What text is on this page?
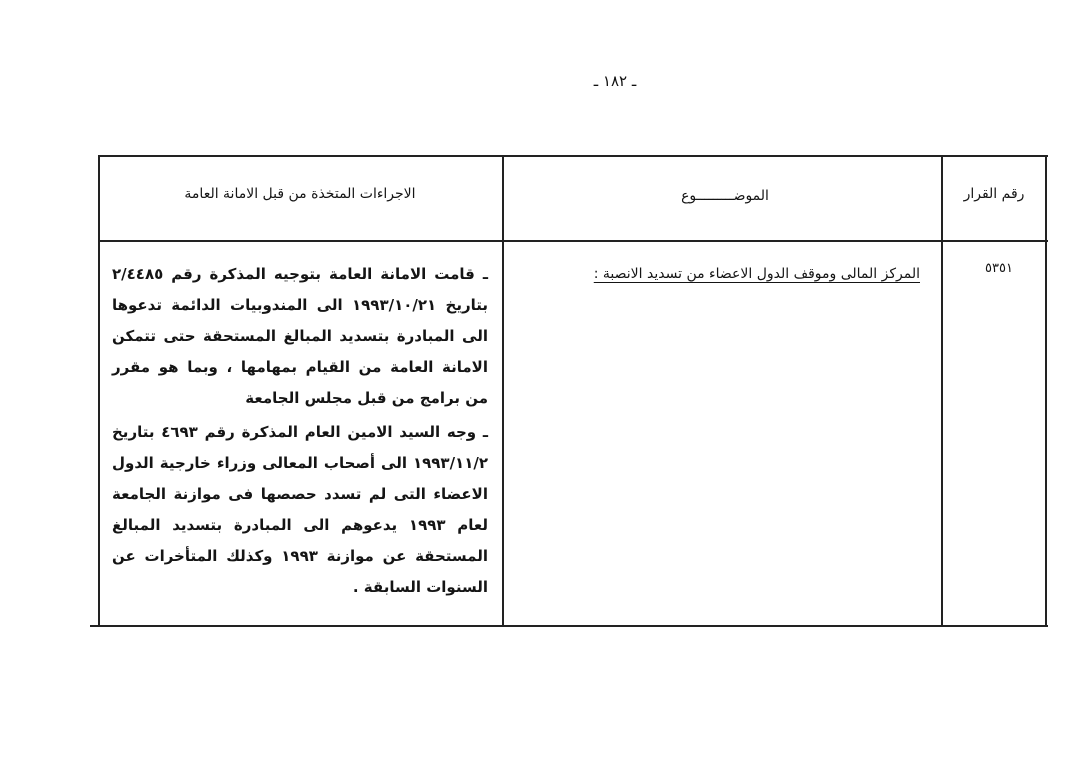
ـ ١٨٢ ـ
الاجراءات المتخذة من قبل الامانة العامة	الموضـــــــــوع	رقم القرار
٥٣٥١
المركز المالى وموقف الدول الاعضاء من تسديد الانصبة :
ـ قامت الامانة العامة بتوجيه المذكرة رقم ٢/٤٤٨٥ بتاريخ ١٩٩٣/١٠/٢١ الى المندوبيات الدائمة تدعوها الى المبادرة بتسديد المبالغ المستحقة حتى تتمكن الامانة العامة من القيام بمهامها ، وبما هو مقرر من برامج من قبل مجلس الجامعة
ـ وجه السيد الامين العام المذكرة رقم ٤٦٩٣ بتاريخ ١٩٩٣/١١/٢ الى أصحاب المعالى وزراء خارجية الدول الاعضاء التى لم تسدد حصصها فى موازنة الجامعة لعام ١٩٩٣ يدعوهم الى المبادرة بتسديد المبالغ المستحقة عن موازنة ١٩٩٣ وكذلك المتأخرات عن السنوات السابقة .
